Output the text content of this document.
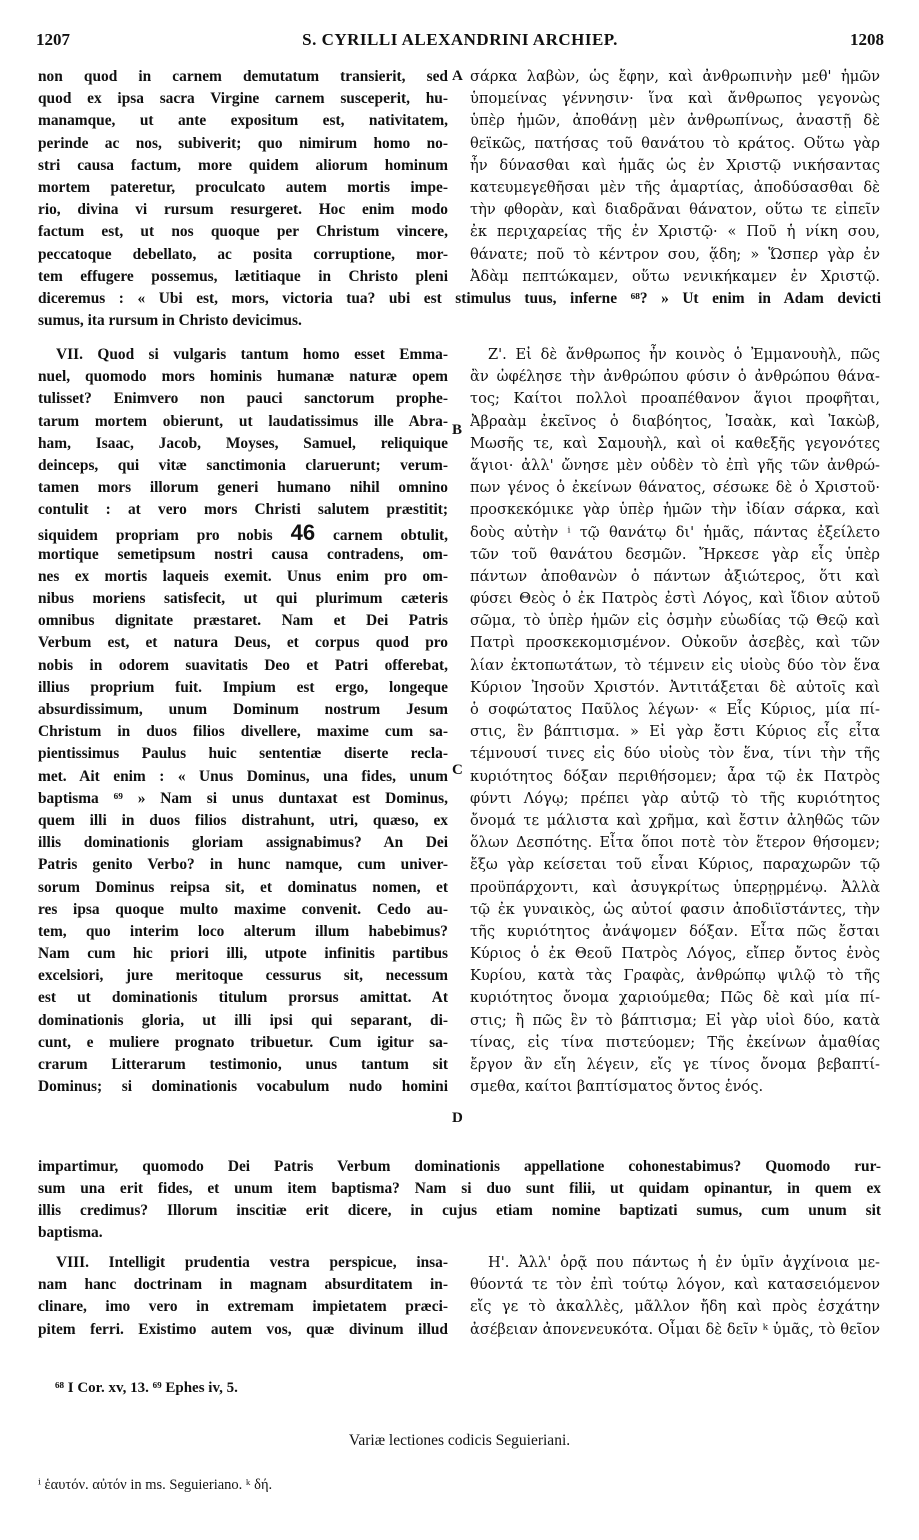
1207	S. CYRILLI ALEXANDRINI ARCHIEP.	1208
A
B
C
D
non quod in carnem demutatum transierit, sed
quod ex ipsa sacra Virgine carnem susceperit, hu-
manamque, ut ante expositum est, nativitatem,
perinde ac nos, subiverit; quo nimirum homo no-
stri causa factum, more quidem aliorum hominum
mortem pateretur, proculcato autem mortis impe-
rio, divina vi rursum resurgeret. Hoc enim modo
factum est, ut nos quoque per Christum vincere,
peccatoque debellato, ac posita corruptione, mor-
tem effugere possemus, lætitiaque in Christo pleni
σάρκα λαβὼν, ὡς ἔφην, καὶ ἀνθρωπινὴν μεθ' ἡμῶν
ὑπομείνας γέννησιν· ἵνα καὶ ἄνθρωπος γεγονὼς
ὑπὲρ ἡμῶν, ἀποθάνῃ μὲν ἀνθρωπίνως, ἀναστῇ δὲ
θεϊκῶς, πατήσας τοῦ θανάτου τὸ κράτος. Οὕτω γὰρ
ἦν δύνασθαι καὶ ἡμᾶς ὡς ἐν Χριστῷ νικήσαντας
κατευμεγεθῆσαι μὲν τῆς ἁμαρτίας, ἀποδύσασθαι δὲ
τὴν φθορὰν, καὶ διαδρᾶναι θάνατον, οὕτω τε εἰπεῖν
ἐκ περιχαρείας τῆς ἐν Χριστῷ· « Ποῦ ἡ νίκη σου,
θάνατε; ποῦ τὸ κέντρον σου, ᾅδη; » Ὥσπερ γὰρ ἐν
Ἀδὰμ πεπτώκαμεν, οὕτω νενικήκαμεν ἐν Χριστῷ.
diceremus : « Ubi est, mors, victoria tua? ubi est stimulus tuus, inferne ⁶⁸? » Ut enim in Adam devicti
sumus, ita rursum in Christo devicimus.
VII. Quod si vulgaris tantum homo esset Emma-
nuel, quomodo mors hominis humanæ naturæ opem
tulisset? Enimvero non pauci sanctorum prophe-
tarum mortem obierunt, ut laudatissimus ille Abra-
ham, Isaac, Jacob, Moyses, Samuel, reliquique
deinceps, qui vitæ sanctimonia claruerunt; verum-
tamen mors illorum generi humano nihil omnino
contulit : at vero mors Christi salutem præstitit;
siquidem propriam pro nobis 46 carnem obtulit,
mortique semetipsum nostri causa contradens, om-
nes ex mortis laqueis exemit. Unus enim pro om-
nibus moriens satisfecit, ut qui plurimum cæteris
omnibus dignitate præstaret. Nam et Dei Patris
Verbum est, et natura Deus, et corpus quod pro
nobis in odorem suavitatis Deo et Patri offerebat,
illius proprium fuit. Impium est ergo, longeque
absurdissimum, unum Dominum nostrum Jesum
Christum in duos filios divellere, maxime cum sa-
pientissimus Paulus huic sententiæ diserte recla-
met. Ait enim : « Unus Dominus, una fides, unum
baptisma ⁶⁹ » Nam si unus duntaxat est Dominus,
quem illi in duos filios distrahunt, utri, quæso, ex
illis dominationis gloriam assignabimus? An Dei
Patris genito Verbo? in hunc namque, cum univer-
sorum Dominus reipsa sit, et dominatus nomen, et
res ipsa quoque multo maxime convenit. Cedo au-
tem, quo interim loco alterum illum habebimus?
Nam cum hic priori illi, utpote infinitis partibus
excelsiori, jure meritoque cessurus sit, necessum
est ut dominationis titulum prorsus amittat. At
dominationis gloria, ut illi ipsi qui separant, di-
cunt, e muliere prognato tribuetur. Cum igitur sa-
crarum Litterarum testimonio, unus tantum sit
Dominus; si dominationis vocabulum nudo homini
Ζ'. Εἰ δὲ ἄνθρωπος ἦν κοινὸς ὁ Ἐμμανουὴλ, πῶς
ἂν ὠφέλησε τὴν ἀνθρώπου φύσιν ὁ ἀνθρώπου θάνα-
τος; Καίτοι πολλοὶ προαπέθανον ἅγιοι προφῆται,
Ἀβραὰμ ἐκεῖνος ὁ διαβόητος, Ἰσαὰκ, καὶ Ἰακὼβ,
Μωσῆς τε, καὶ Σαμουὴλ, καὶ οἱ καθεξῆς γεγονότες
ἅγιοι· ἀλλ' ὤνησε μὲν οὐδὲν τὸ ἐπὶ γῆς τῶν ἀνθρώ-
πων γένος ὁ ἐκείνων θάνατος, σέσωκε δὲ ὁ Χριστοῦ·
προσκεκόμικε γὰρ ὑπὲρ ἡμῶν τὴν ἰδίαν σάρκα, καὶ
δοὺς αὐτὴν ⁱ τῷ θανάτῳ δι' ἡμᾶς, πάντας ἐξείλετο
τῶν τοῦ θανάτου δεσμῶν. Ἤρκεσε γὰρ εἷς ὑπὲρ
πάντων ἀποθανὼν ὁ πάντων ἀξιώτερος, ὅτι καὶ
φύσει Θεὸς ὁ ἐκ Πατρὸς ἐστὶ Λόγος, καὶ ἴδιον αὐτοῦ
σῶμα, τὸ ὑπὲρ ἡμῶν εἰς ὀσμὴν εὐωδίας τῷ Θεῷ καὶ
Πατρὶ προσκεκομισμένον. Οὐκοῦν ἀσεβὲς, καὶ τῶν
λίαν ἐκτοπωτάτων, τὸ τέμνειν εἰς υἱοὺς δύο τὸν ἕνα
Κύριον Ἰησοῦν Χριστόν. Ἀντιτάξεται δὲ αὐτοῖς καὶ
ὁ σοφώτατος Παῦλος λέγων· « Εἷς Κύριος, μία πί-
στις, ἓν βάπτισμα. » Εἰ γὰρ ἔστι Κύριος εἷς εἶτα
τέμνουσί τινες εἰς δύο υἱοὺς τὸν ἕνα, τίνι τὴν τῆς
κυριότητος δόξαν περιθήσομεν; ἆρα τῷ ἐκ Πατρὸς
φύντι Λόγῳ; πρέπει γὰρ αὐτῷ τὸ τῆς κυριότητος
ὄνομά τε μάλιστα καὶ χρῆμα, καὶ ἔστιν ἀληθῶς τῶν
ὅλων Δεσπότης. Εἶτα ὅποι ποτὲ τὸν ἕτερον θήσομεν;
ἔξω γὰρ κείσεται τοῦ εἶναι Κύριος, παραχωρῶν τῷ
προϋπάρχοντι, καὶ ἀσυγκρίτως ὑπερῃρμένῳ. Ἀλλὰ
τῷ ἐκ γυναικὸς, ὡς αὐτοί φασιν ἀποδιϊστάντες, τὴν
τῆς κυριότητος ἀνάψομεν δόξαν. Εἶτα πῶς ἔσται
Κύριος ὁ ἐκ Θεοῦ Πατρὸς Λόγος, εἴπερ ὄντος ἑνὸς
Κυρίου, κατὰ τὰς Γραφὰς, ἀνθρώπῳ ψιλῷ τὸ τῆς
κυριότητος ὄνομα χαριούμεθα; Πῶς δὲ καὶ μία πί-
στις; ἢ πῶς ἓν τὸ βάπτισμα; Εἰ γὰρ υἱοὶ δύο, κατὰ
τίνας, εἰς τίνα πιστεύομεν; Τῆς ἐκείνων ἀμαθίας
ἔργον ἂν εἴη λέγειν, εἴς γε τίνος ὄνομα βεβαπτί-
σμεθα, καίτοι βαπτίσματος ὄντος ἑνός.
impartimur, quomodo Dei Patris Verbum dominationis appellatione cohonestabimus? Quomodo rur-
sum una erit fides, et unum item baptisma? Nam si duo sunt filii, ut quidam opinantur, in quem ex
illis credimus? Illorum inscitiæ erit dicere, in cujus etiam nomine baptizati sumus, cum unum sit
baptisma.
VIII. Intelligit prudentia vestra perspicue, insa-
nam hanc doctrinam in magnam absurditatem in-
clinare, imo vero in extremam impietatem præci-
pitem ferri. Existimo autem vos, quæ divinum illud
Η'. Ἀλλ' ὁρᾷ που πάντως ἡ ἐν ὑμῖν ἀγχίνοια με-
θύοντά τε τὸν ἐπὶ τούτῳ λόγον, καὶ κατασειόμενον
εἴς γε τὸ ἀκαλλὲς, μᾶλλον ἤδη καὶ πρὸς ἐσχάτην
ἀσέβειαν ἀπονενευκότα. Οἶμαι δὲ δεῖν ᵏ ὑμᾶς, τὸ θεῖον
⁶⁸ I Cor. xv, 13. ⁶⁹ Ephes iv, 5.
Variæ lectiones codicis Seguieriani.
ⁱ ἑαυτόν. αὐτόν in ms. Seguieriano. ᵏ δή.
